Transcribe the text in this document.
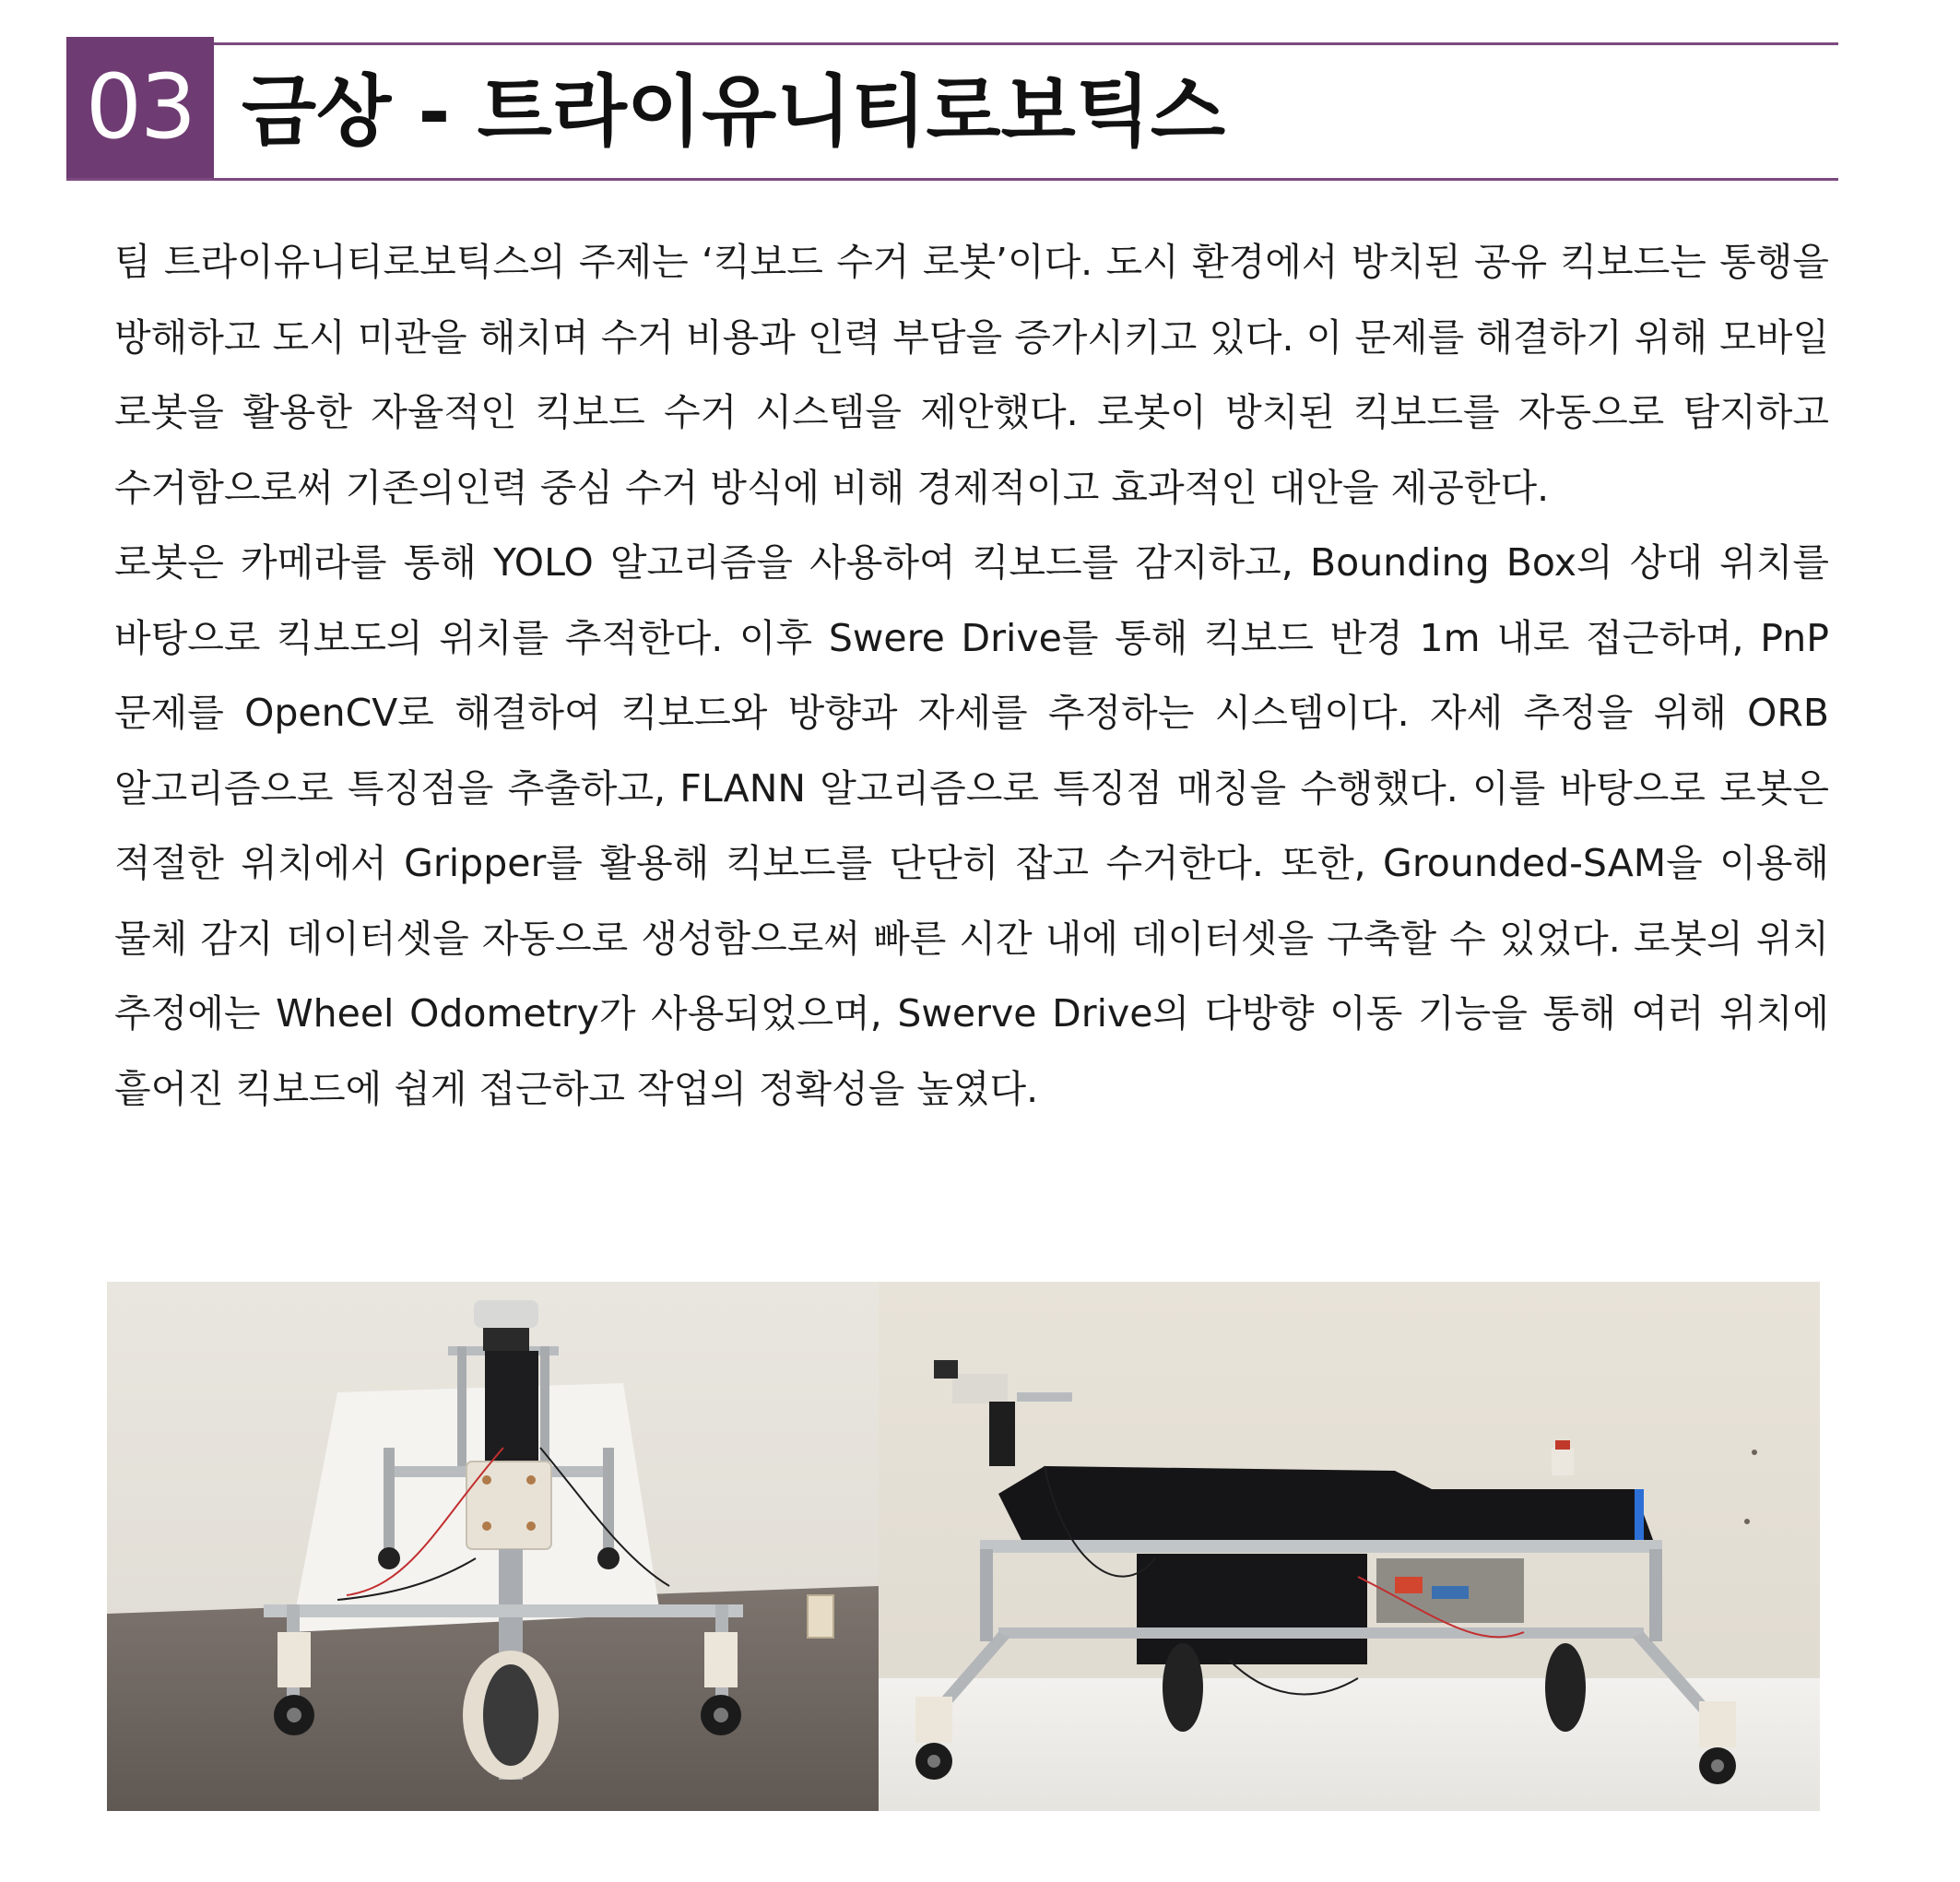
03 금상 - 트라이유니티로보틱스

팀 트라이유니티로보틱스의 주제는 ‘킥보드 수거 로봇’이다. 도시 환경에서 방치된 공유 킥보드는 통행을 방해하고 도시 미관을 해치며 수거 비용과 인력 부담을 증가시키고 있다. 이 문제를 해결하기 위해 모바일 로봇을 활용한 자율적인 킥보드 수거 시스템을 제안했다. 로봇이 방치된 킥보드를 자동으로 탐지하고 수거함으로써 기존의인력 중심 수거 방식에 비해 경제적이고 효과적인 대안을 제공한다.

로봇은 카메라를 통해 YOLO 알고리즘을 사용하여 킥보드를 감지하고, Bounding Box의 상대 위치를 바탕으로 킥보도의 위치를 추적한다. 이후 Swere Drive를 통해 킥보드 반경 1m 내로 접근하며, PnP 문제를 OpenCV로 해결하여 킥보드와 방향과 자세를 추정하는 시스템이다. 자세 추정을 위해 ORB 알고리즘으로 특징점을 추출하고, FLANN 알고리즘으로 특징점 매칭을 수행했다. 이를 바탕으로 로봇은 적절한 위치에서 Gripper를 활용해 킥보드를 단단히 잡고 수거한다. 또한, Grounded-SAM을 이용해 물체 감지 데이터셋을 자동으로 생성함으로써 빠른 시간 내에 데이터셋을 구축할 수 있었다. 로봇의 위치 추정에는 Wheel Odometry가 사용되었으며, Swerve Drive의 다방향 이동 기능을 통해 여러 위치에 흩어진 킥보드에 쉽게 접근하고 작업의 정확성을 높였다.
